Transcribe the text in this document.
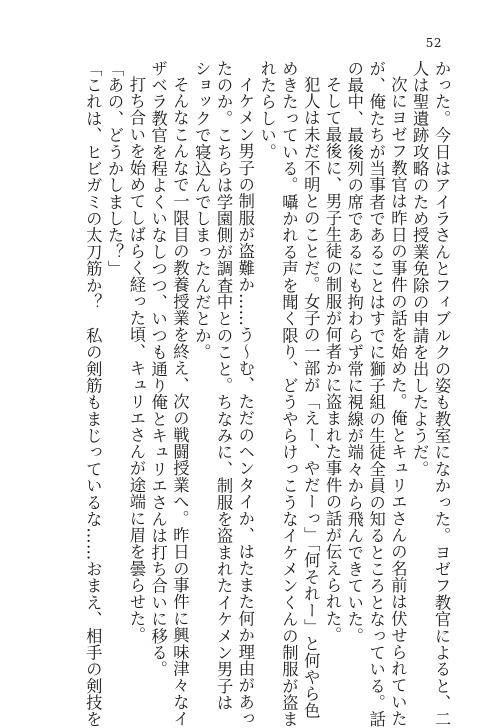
52

かった。今日はアイラさんとフィブルクの姿も教室になかった。ヨゼフ教官によると、二

人は聖遺跡攻略のため授業免除の申請を出したようだ。

次にヨゼフ教官は昨日の事件の話を始めた。俺とキュリエさんの名前は伏せられていた

が、俺たちが当事者であることはすでに獅子組の生徒全員の知るところとなっている。話

の最中、最後列の席であるにも拘わらず常に視線が端々から飛んできていた。

そして最後に、男子生徒の制服が何者かに盗まれた事件の話が伝えられた。

犯人は未だ不明とのことだ。女子の一部が「えー、やだーっ」「何それー」と何やら色

めきたっている。囁かれる声を聞く限り、どうやらけっこうなイケメンくんの制服が盗ま

れたらしい。

イケメン男子の制服が盗難か……う～む、ただのヘンタイか、はたまた何か理由があっ

たのか。こちらは学園側が調査中とのこと。ちなみに、制服を盗まれたイケメン男子は

ショックで寝込んでしまったんだとか。

そんなこんなで一限目の教養授業を終え、次の戦闘授業へ。昨日の事件に興味津々なイ

ザベラ教官を程よくいなしつつ、いつも通り俺とキュリエさんは打ち合いに移る。

打ち合いを始めてしばらく経った頃、キュリエさんが途端に眉を曇らせた。

「あの、どうかしました？」

「これは、ヒビガミの太刀筋か？　私の剣筋もまじっているな……おまえ、相手の剣技を
